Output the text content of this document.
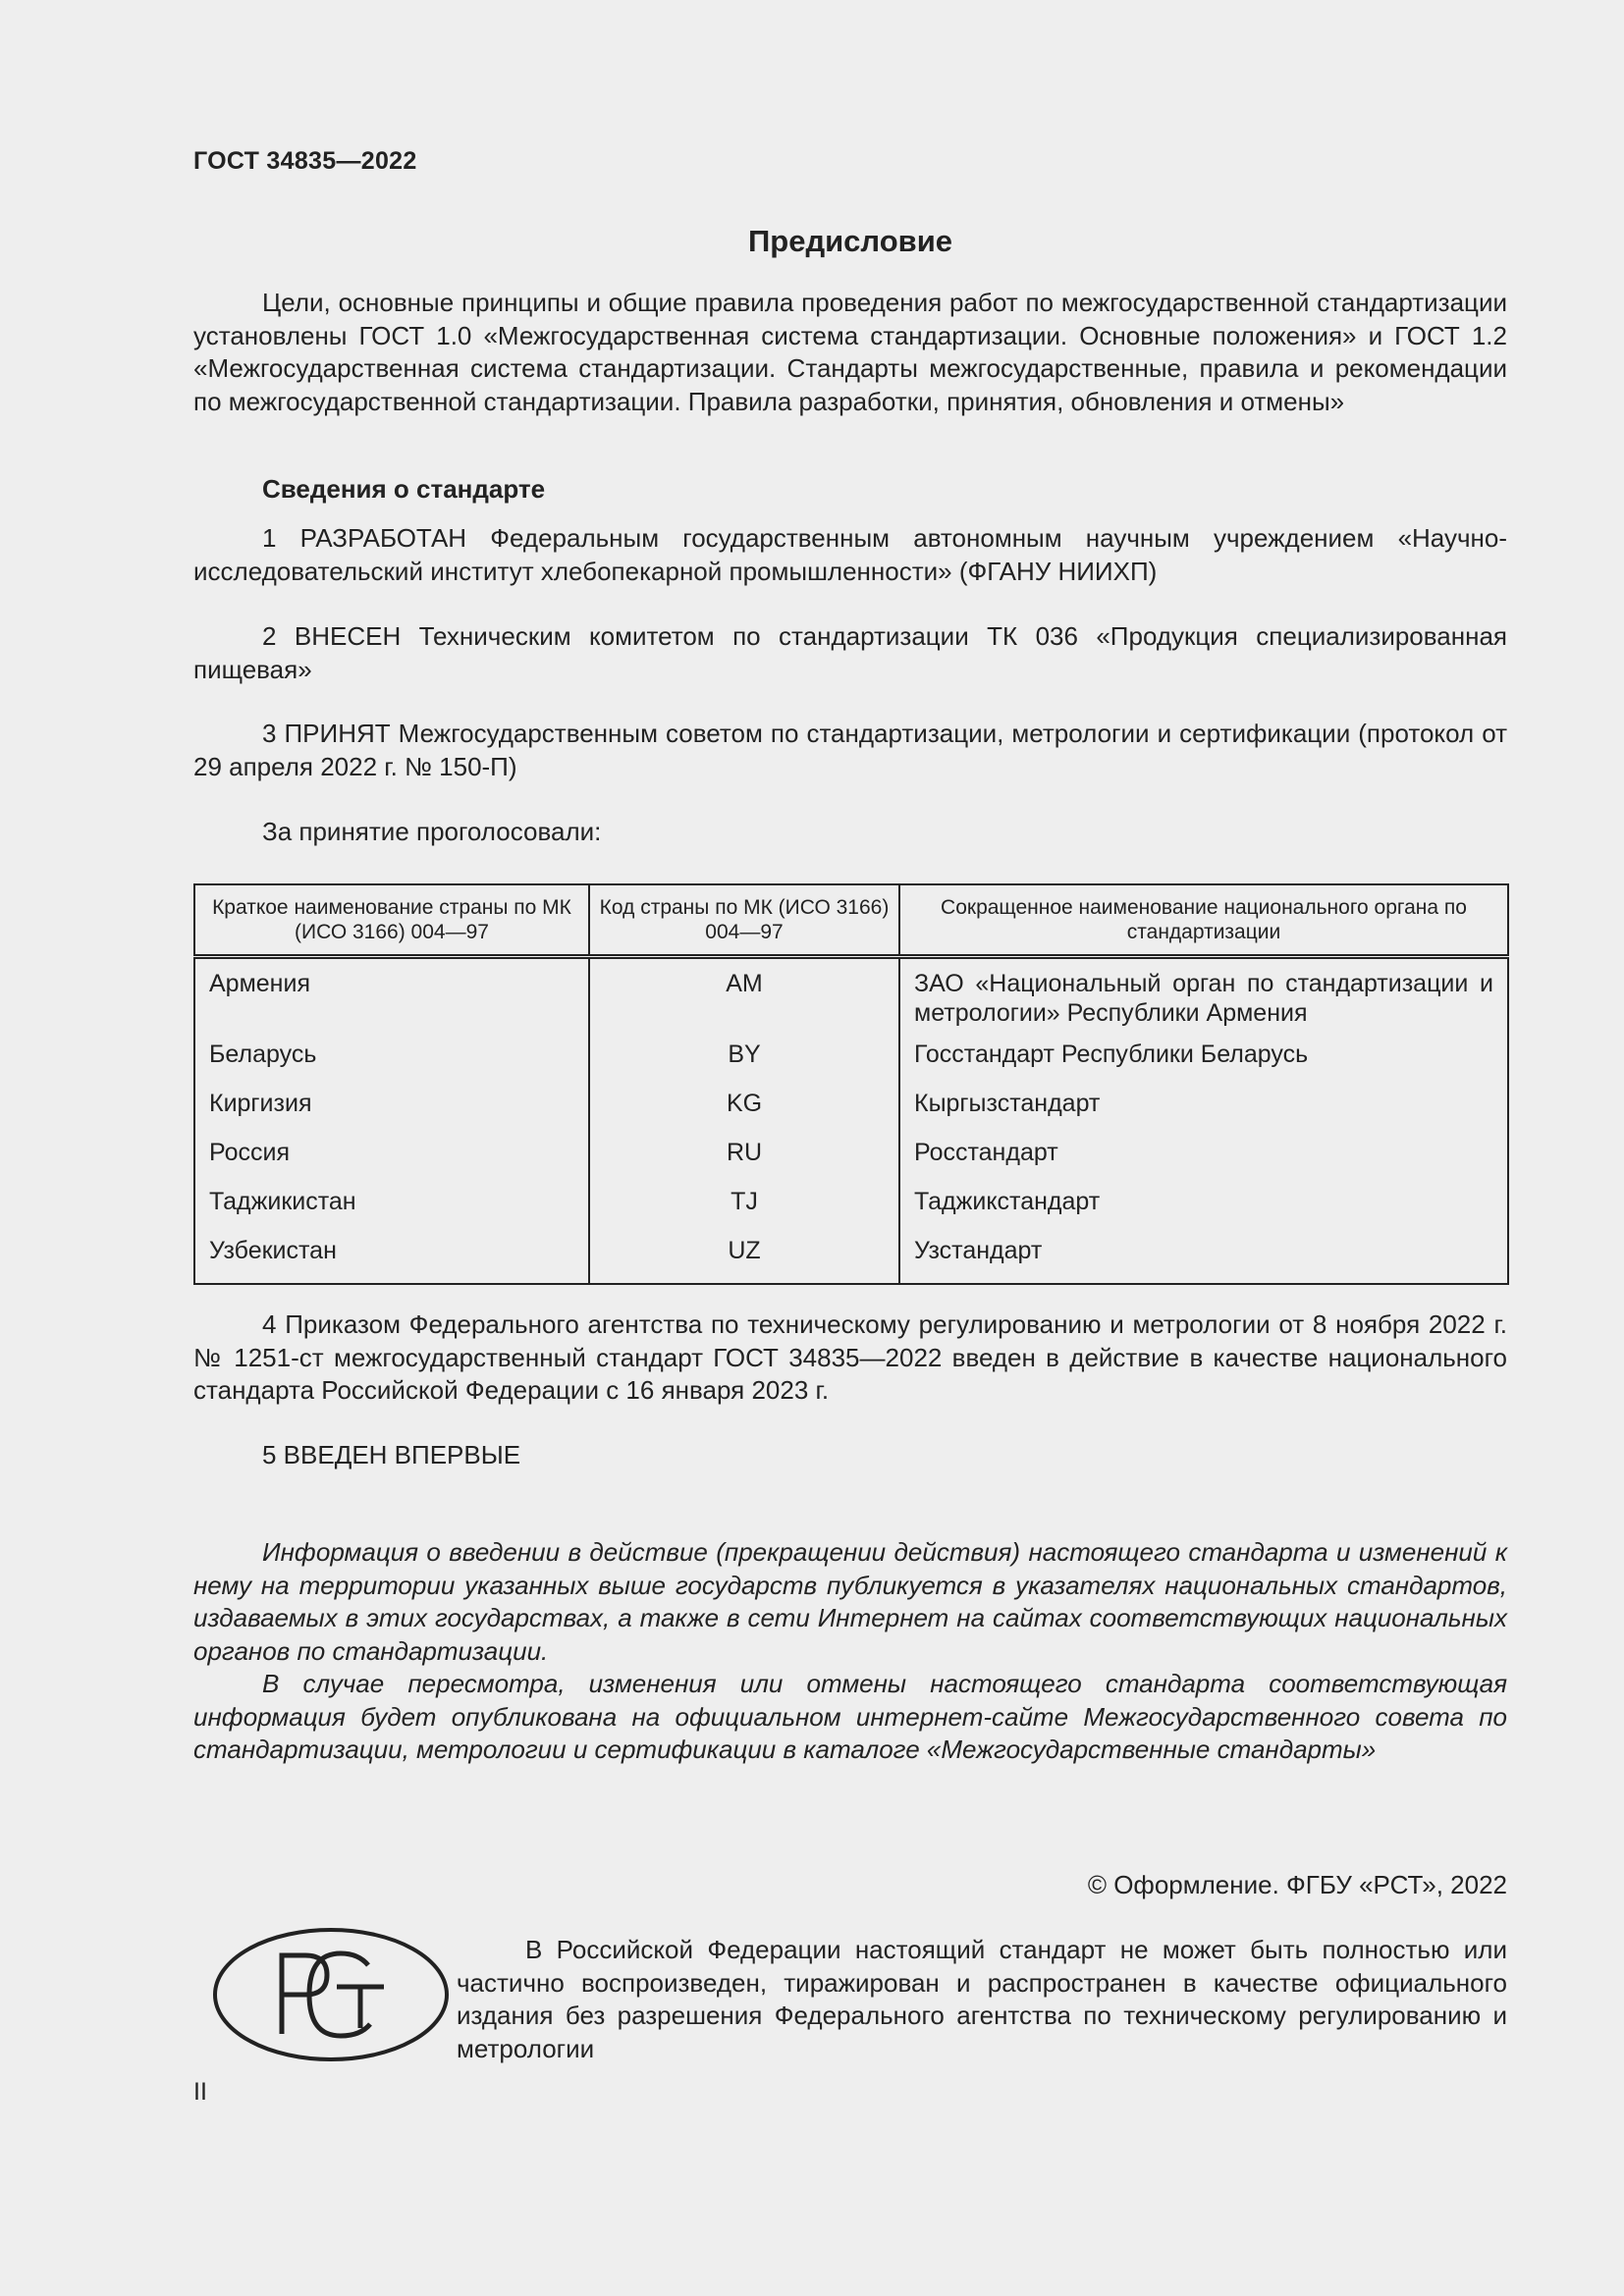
ГОСТ 34835—2022
Предисловие

Цели, основные принципы и общие правила проведения работ по межгосударственной стандартизации установлены ГОСТ 1.0 «Межгосударственная система стандартизации. Основные положения» и ГОСТ 1.2 «Межгосударственная система стандартизации. Стандарты межгосударственные, правила и рекомендации по межгосударственной стандартизации. Правила разработки, принятия, обновления и отмены»

Сведения о стандарте

1 РАЗРАБОТАН Федеральным государственным автономным научным учреждением «Научно-исследовательский институт хлебопекарной промышленности» (ФГАНУ НИИХП)

2 ВНЕСЕН Техническим комитетом по стандартизации ТК 036 «Продукция специализированная пищевая»

3 ПРИНЯТ Межгосударственным советом по стандартизации, метрологии и сертификации (протокол от 29 апреля 2022 г. № 150-П)

За принятие проголосовали:

Краткое наименование страны по МК (ИСО 3166) 004—97	Код страны по МК (ИСО 3166) 004—97	Сокращенное наименование национального органа по стандартизации
Армения	AM	ЗАО «Национальный орган по стандартизации и метрологии» Республики Армения
Беларусь	BY	Госстандарт Республики Беларусь
Киргизия	KG	Кыргызстандарт
Россия	RU	Росстандарт
Таджикистан	TJ	Таджикстандарт
Узбекистан	UZ	Узстандарт

4 Приказом Федерального агентства по техническому регулированию и метрологии от 8 ноября 2022 г. № 1251-ст межгосударственный стандарт ГОСТ 34835—2022 введен в действие в качестве национального стандарта Российской Федерации с 16 января 2023 г.

5 ВВЕДЕН ВПЕРВЫЕ

Информация о введении в действие (прекращении действия) настоящего стандарта и изменений к нему на территории указанных выше государств публикуется в указателях национальных стандартов, издаваемых в этих государствах, а также в сети Интернет на сайтах соответствующих национальных органов по стандартизации.

В случае пересмотра, изменения или отмены настоящего стандарта соответствующая информация будет опубликована на официальном интернет-сайте Межгосударственного совета по стандартизации, метрологии и сертификации в каталоге «Межгосударственные стандарты»

© Оформление. ФГБУ «РСТ», 2022

В Российской Федерации настоящий стандарт не может быть полностью или частично воспроизведен, тиражирован и распространен в качестве официального издания без разрешения Федерального агентства по техническому регулированию и метрологии

II
